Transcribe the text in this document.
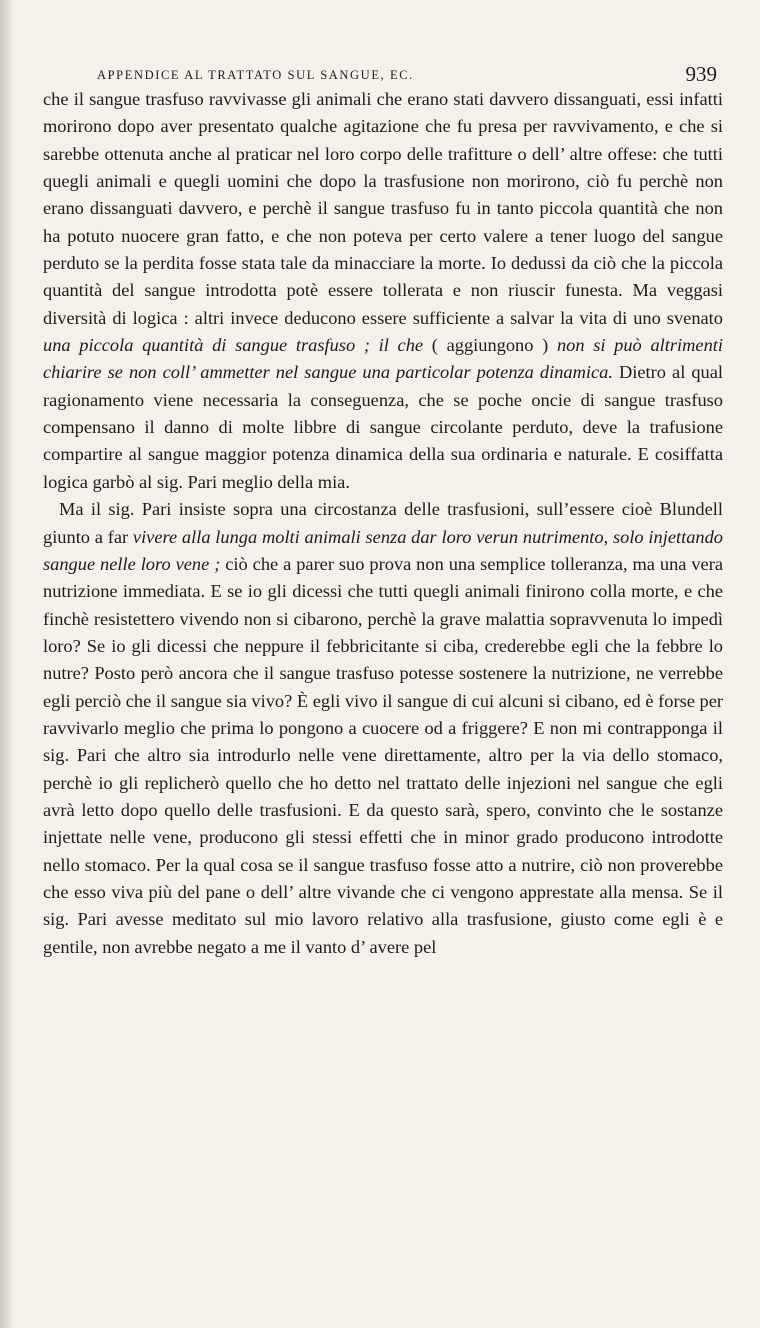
APPENDICE AL TRATTATO SUL SANGUE, EC.	939

che il sangue trasfuso ravvivasse gli animali che erano stati davvero dissanguati, essi infatti morirono dopo aver presentato qualche agitazione che fu presa per ravvivamento, e che si sarebbe ottenuta anche al praticar nel loro corpo delle trafitture o dell’ altre offese: che tutti quegli animali e quegli uomini che dopo la trasfusione non morirono, ciò fu perchè non erano dissanguati davvero, e perchè il sangue trasfuso fu in tanto piccola quantità che non ha potuto nuocere gran fatto, e che non poteva per certo valere a tener luogo del sangue perduto se la perdita fosse stata tale da minacciare la morte. Io dedussi da ciò che la piccola quantità del sangue introdotta potè essere tollerata e non riuscir funesta. Ma veggasi diversità di logica : altri invece deducono essere sufficiente a salvar la vita di uno svenato una piccola quantità di sangue trasfuso ; il che ( aggiungono ) non si può altrimenti chiarire se non coll’ ammetter nel sangue una particolar potenza dinamica. Dietro al qual ragionamento viene necessaria la conseguenza, che se poche oncie di sangue trasfuso compensano il danno di molte libbre di sangue circolante perduto, deve la trafusione compartire al sangue maggior potenza dinamica della sua ordinaria e naturale. E cosiffatta logica garbò al sig. Pari meglio della mia.

Ma il sig. Pari insiste sopra una circostanza delle trasfusioni, sull’essere cioè Blundell giunto a far vivere alla lunga molti animali senza dar loro verun nutrimento, solo injettando sangue nelle loro vene ; ciò che a parer suo prova non una semplice tolleranza, ma una vera nutrizione immediata. E se io gli dicessi che tutti quegli animali finirono colla morte, e che finchè resistettero vivendo non si cibarono, perchè la grave malattia sopravvenuta lo impedì loro? Se io gli dicessi che neppure il febbricitante si ciba, crederebbe egli che la febbre lo nutre? Posto però ancora che il sangue trasfuso potesse sostenere la nutrizione, ne verrebbe egli perciò che il sangue sia vivo? È egli vivo il sangue di cui alcuni si cibano, ed è forse per ravvivarlo meglio che prima lo pongono a cuocere od a friggere? E non mi contrapponga il sig. Pari che altro sia introdurlo nelle vene direttamente, altro per la via dello stomaco, perchè io gli replicherò quello che ho detto nel trattato delle injezioni nel sangue che egli avrà letto dopo quello delle trasfusioni. E da questo sarà, spero, convinto che le sostanze injettate nelle vene, producono gli stessi effetti che in minor grado producono introdotte nello stomaco. Per la qual cosa se il sangue trasfuso fosse atto a nutrire, ciò non proverebbe che esso viva più del pane o dell’ altre vivande che ci vengono apprestate alla mensa. Se il sig. Pari avesse meditato sul mio lavoro relativo alla trasfusione, giusto come egli è e gentile, non avrebbe negato a me il vanto d’ avere pel
